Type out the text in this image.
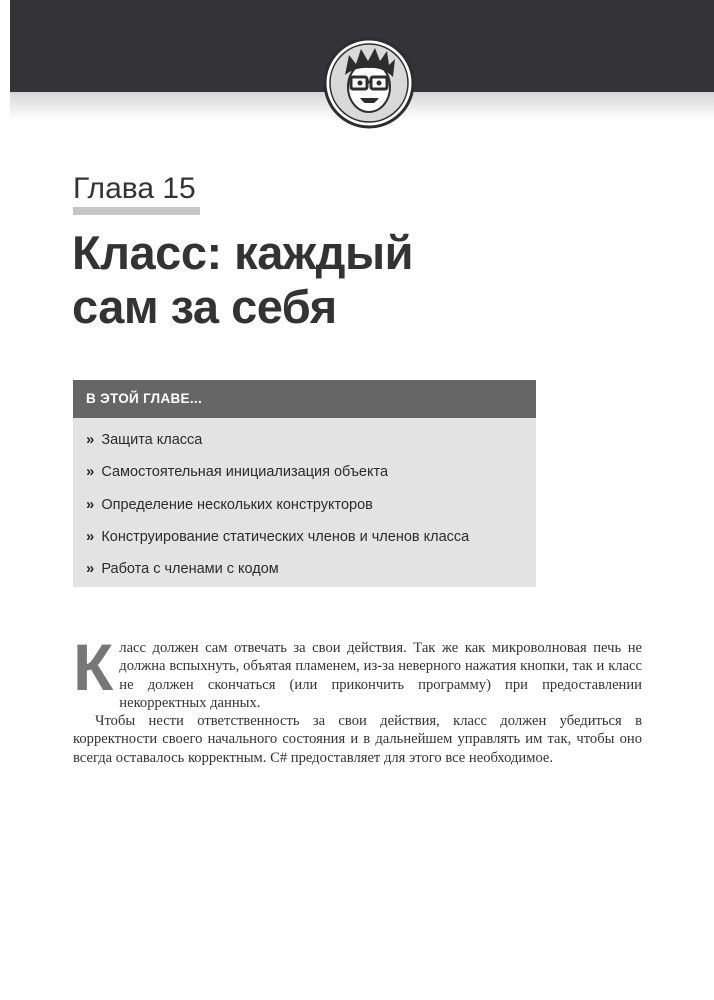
Глава 15
Класс: каждый
сам за себя
В ЭТОЙ ГЛАВЕ...
» Защита класса
» Самостоятельная инициализация объекта
» Определение нескольких конструкторов
» Конструирование статических членов и членов класса
» Работа с членами с кодом

Класс должен сам отвечать за свои действия. Так же как микроволновая печь не должна вспыхнуть, объятая пламенем, из-за неверного нажатия кнопки, так и класс не должен скончаться (или прикончить программу) при предоставлении некорректных данных.

Чтобы нести ответственность за свои действия, класс должен убедиться в корректности своего начального состояния и в дальнейшем управлять им так, чтобы оно всегда оставалось корректным. C# предоставляет для этого все необходимое.
